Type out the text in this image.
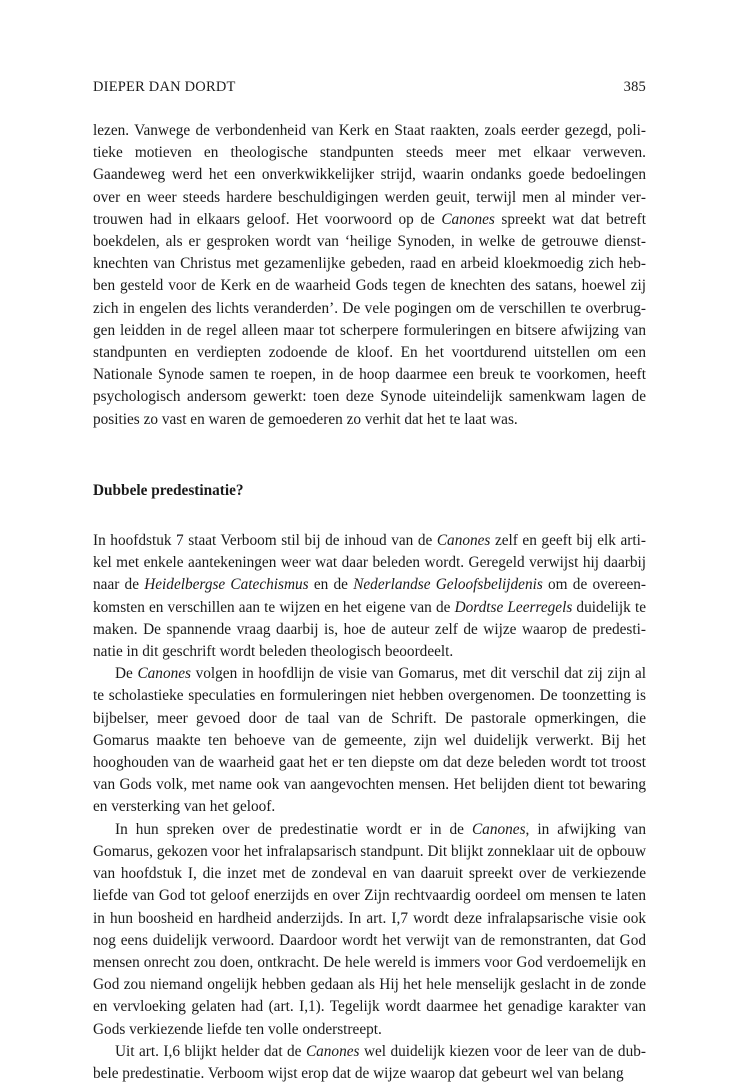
DIEPER DAN DORDT	385

lezen. Vanwege de verbondenheid van Kerk en Staat raakten, zoals eerder gezegd, politieke motieven en theologische standpunten steeds meer met elkaar verweven. Gaandeweg werd het een onverkwikkelijker strijd, waarin ondanks goede bedoelingen over en weer steeds hardere beschuldigingen werden geuit, terwijl men al minder vertrouwen had in elkaars geloof. Het voorwoord op de Canones spreekt wat dat betreft boekdelen, als er gesproken wordt van ‘heilige Synoden, in welke de getrouwe dienstknechten van Christus met gezamenlijke gebeden, raad en arbeid kloekmoedig zich hebben gesteld voor de Kerk en de waarheid Gods tegen de knechten des satans, hoewel zij zich in engelen des lichts veranderden’. De vele pogingen om de verschillen te overbruggen leidden in de regel alleen maar tot scherpere formuleringen en bitsere afwijzing van standpunten en verdiepten zodoende de kloof. En het voortdurend uitstellen om een Nationale Synode samen te roepen, in de hoop daarmee een breuk te voorkomen, heeft psychologisch andersom gewerkt: toen deze Synode uiteindelijk samenkwam lagen de posities zo vast en waren de gemoederen zo verhit dat het te laat was.

Dubbele predestinatie?

In hoofdstuk 7 staat Verboom stil bij de inhoud van de Canones zelf en geeft bij elk artikel met enkele aantekeningen weer wat daar beleden wordt. Geregeld verwijst hij daarbij naar de Heidelbergse Catechismus en de Nederlandse Geloofsbelijdenis om de overeenkomsten en verschillen aan te wijzen en het eigene van de Dordtse Leerregels duidelijk te maken. De spannende vraag daarbij is, hoe de auteur zelf de wijze waarop de predestinatie in dit geschrift wordt beleden theologisch beoordeelt.

De Canones volgen in hoofdlijn de visie van Gomarus, met dit verschil dat zij zijn al te scholastieke speculaties en formuleringen niet hebben overgenomen. De toonzetting is bijbelser, meer gevoed door de taal van de Schrift. De pastorale opmerkingen, die Gomarus maakte ten behoeve van de gemeente, zijn wel duidelijk verwerkt. Bij het hooghouden van de waarheid gaat het er ten diepste om dat deze beleden wordt tot troost van Gods volk, met name ook van aangevochten mensen. Het belijden dient tot bewaring en versterking van het geloof.

In hun spreken over de predestinatie wordt er in de Canones, in afwijking van Gomarus, gekozen voor het infralapsarisch standpunt. Dit blijkt zonneklaar uit de opbouw van hoofdstuk I, die inzet met de zondeval en van daaruit spreekt over de verkiezende liefde van God tot geloof enerzijds en over Zijn rechtvaardig oordeel om mensen te laten in hun boosheid en hardheid anderzijds. In art. I,7 wordt deze infralapsarische visie ook nog eens duidelijk verwoord. Daardoor wordt het verwijt van de remonstranten, dat God mensen onrecht zou doen, ontkracht. De hele wereld is immers voor God verdoemelijk en God zou niemand ongelijk hebben gedaan als Hij het hele menselijk geslacht in de zonde en vervloeking gelaten had (art. I,1). Tegelijk wordt daarmee het genadige karakter van Gods verkiezende liefde ten volle onderstreept.

Uit art. I,6 blijkt helder dat de Canones wel duidelijk kiezen voor de leer van de dubbele predestinatie. Verboom wijst erop dat de wijze waarop dat gebeurt wel van belang
